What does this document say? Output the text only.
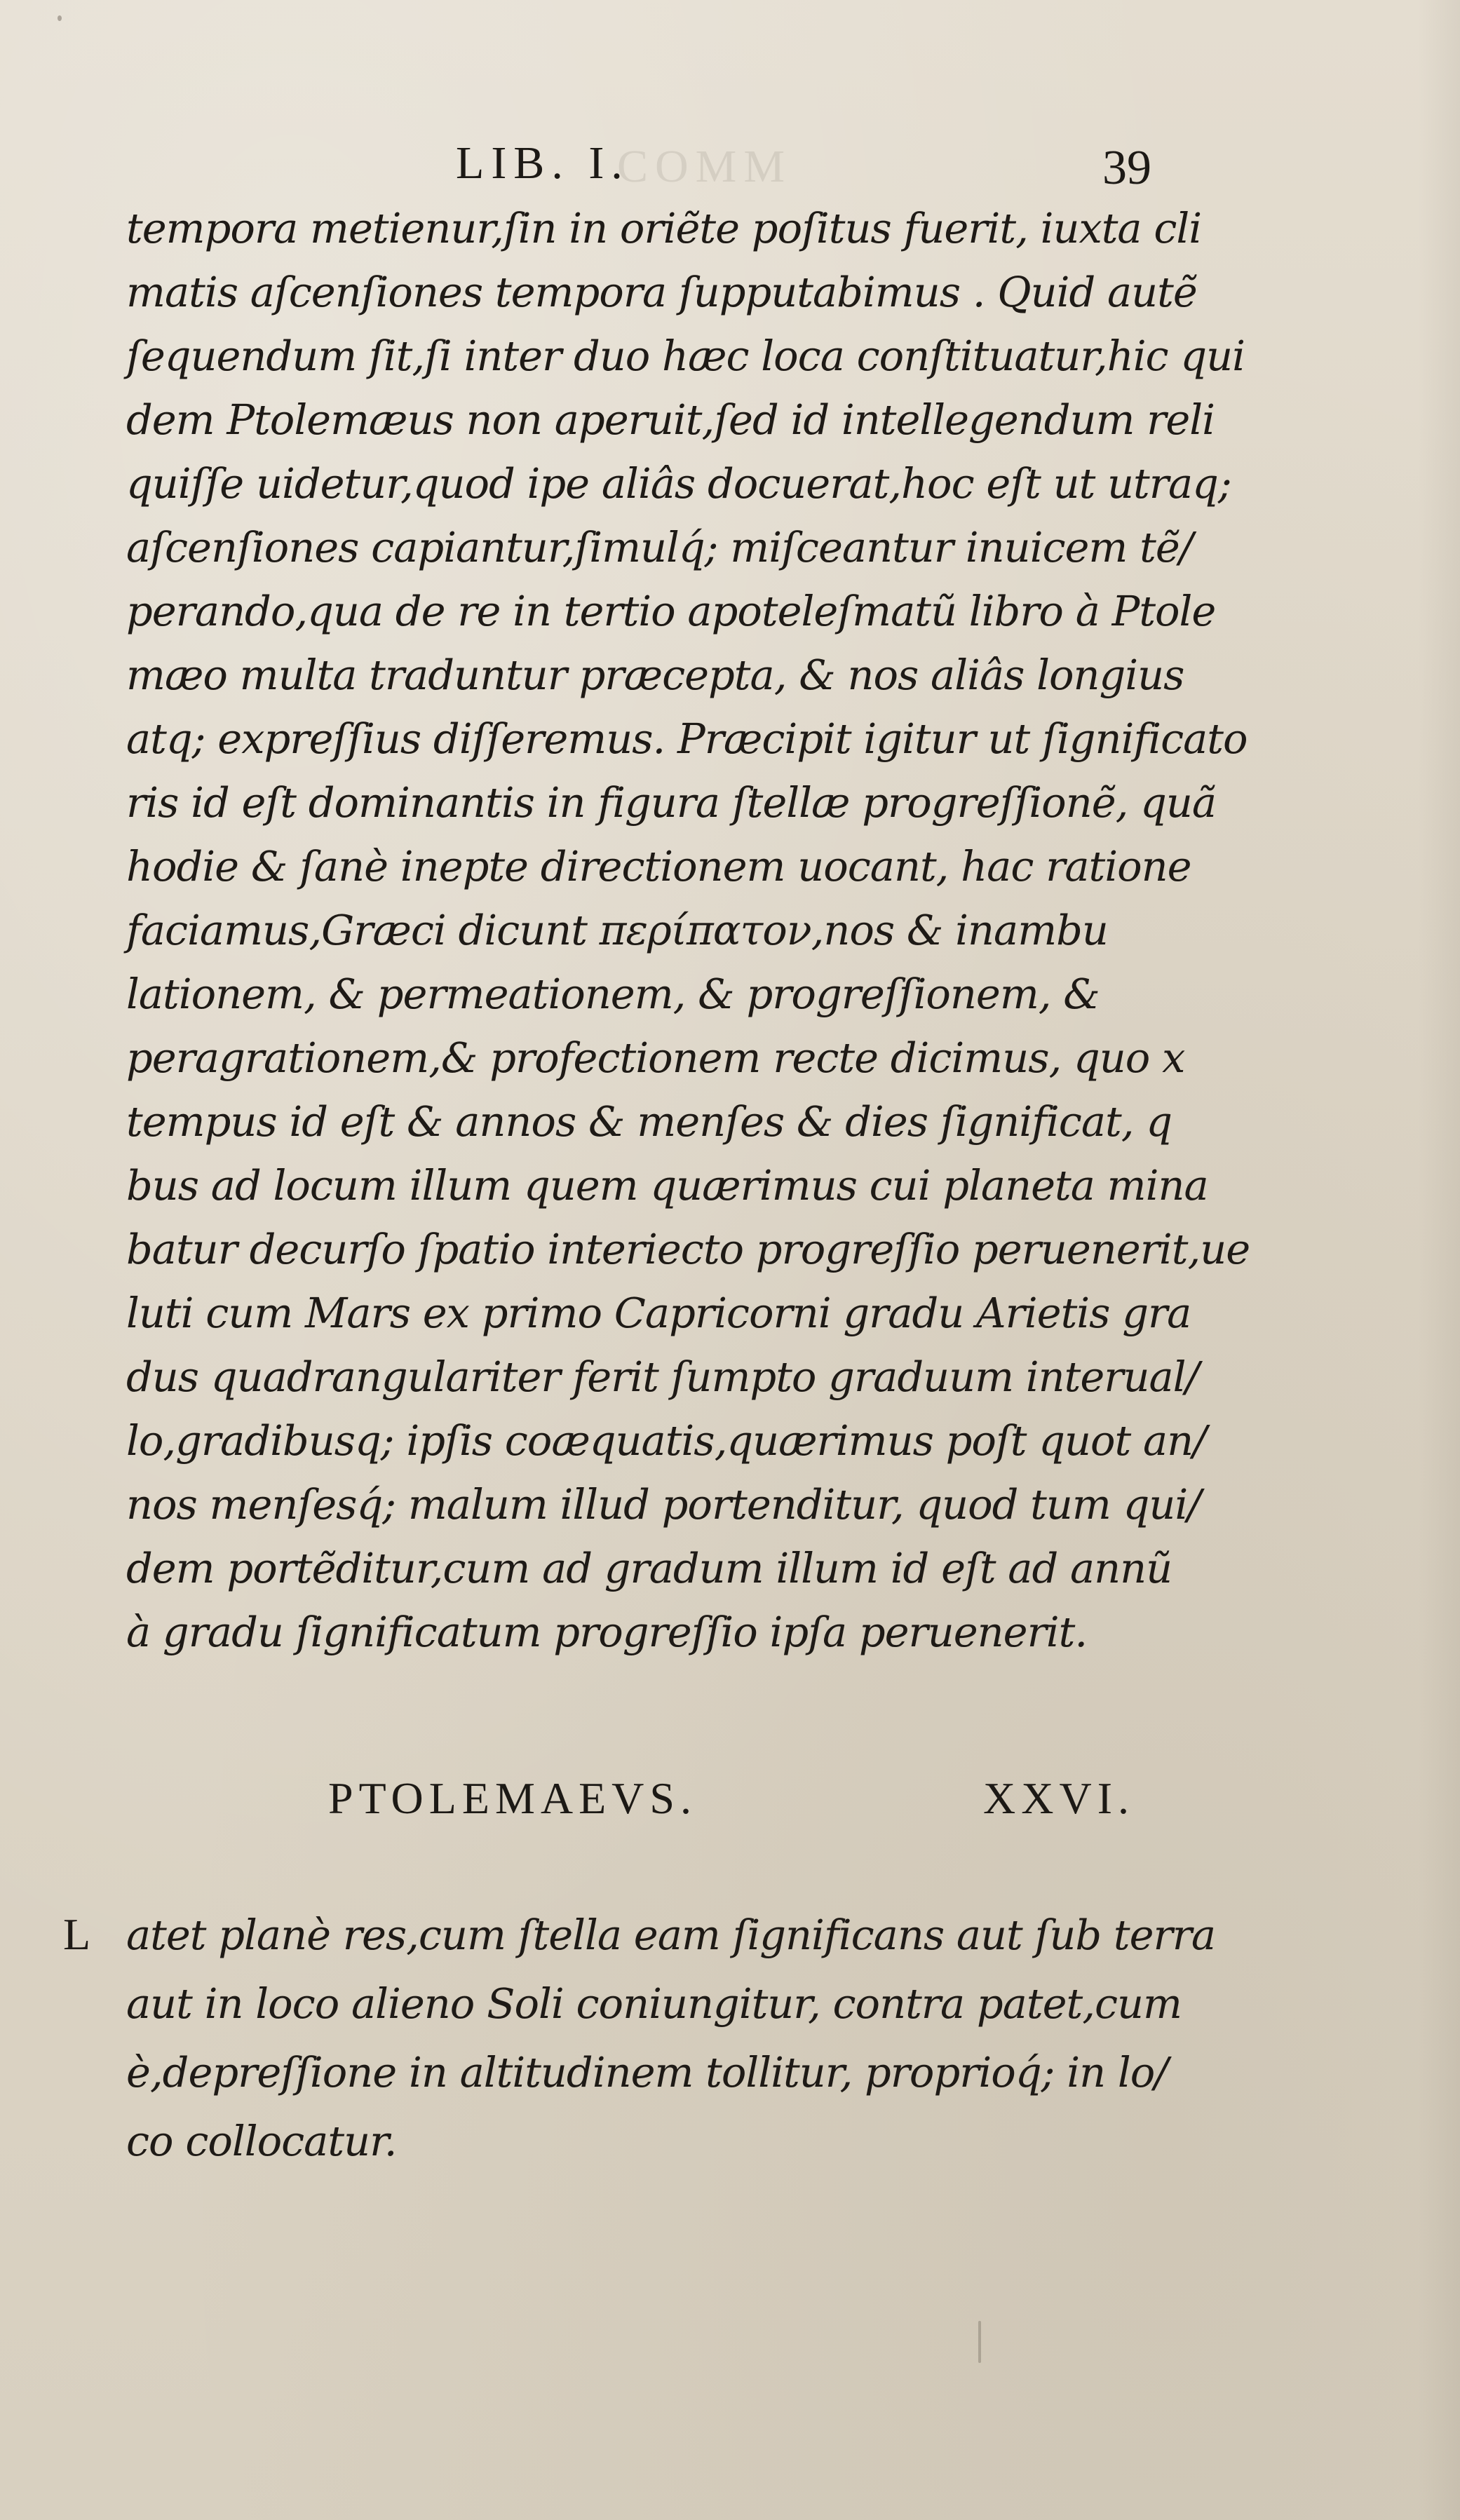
COMM
LIB. I.	39
tempora metienur,ſin in oriẽte poſitus fuerit, iuxta cli
matis aſcenſiones tempora ſupputabimus . Quid autẽ
ſequendum ſit,ſi inter duo hæc loca conſtituatur,hic qui
dem Ptolemæus non aperuit,ſed id intellegendum reli
quiſſe uidetur,quod ipe aliâs docuerat,hoc eſt ut utraq;
aſcenſiones capiantur,ſimulq́; miſceantur inuicem tẽ/
perando,qua de re in tertio apoteleſmatũ libro à Ptole
mæo multa traduntur præcepta, & nos aliâs longius
atq; expreſſius diſſeremus. Præcipit igitur ut ſignificato
ris id eſt dominantis in figura ſtellæ progreſſionẽ, quã
hodie & ſanè inepte directionem uocant, hac ratione
faciamus,Græci dicunt περίπατον,nos & inambu
lationem, & permeationem, & progreſſionem, &
peragrationem,& profectionem recte dicimus, quo x
tempus id eſt & annos & menſes & dies ſignificat, q
bus ad locum illum quem quærimus cui planeta mina
batur decurſo ſpatio interiecto progreſſio peruenerit,ue
luti cum Mars ex primo Capricorni gradu Arietis gra
dus quadrangulariter ferit ſumpto graduum interual/
lo,gradibusq; ipſis coæquatis,quærimus poſt quot an/
nos menſesq́; malum illud portenditur, quod tum qui/
dem portẽditur,cum ad gradum illum id eſt ad annũ
à gradu ſignificatum progreſſio ipſa peruenerit.
PTOLEMAEVS.	XXVI.
L atet planè res,cum ſtella eam ſignificans aut ſub terra
aut in loco alieno Soli coniungitur, contra patet,cum
è,depreſſione in altitudinem tollitur, proprioq́; in lo/
co collocatur.
